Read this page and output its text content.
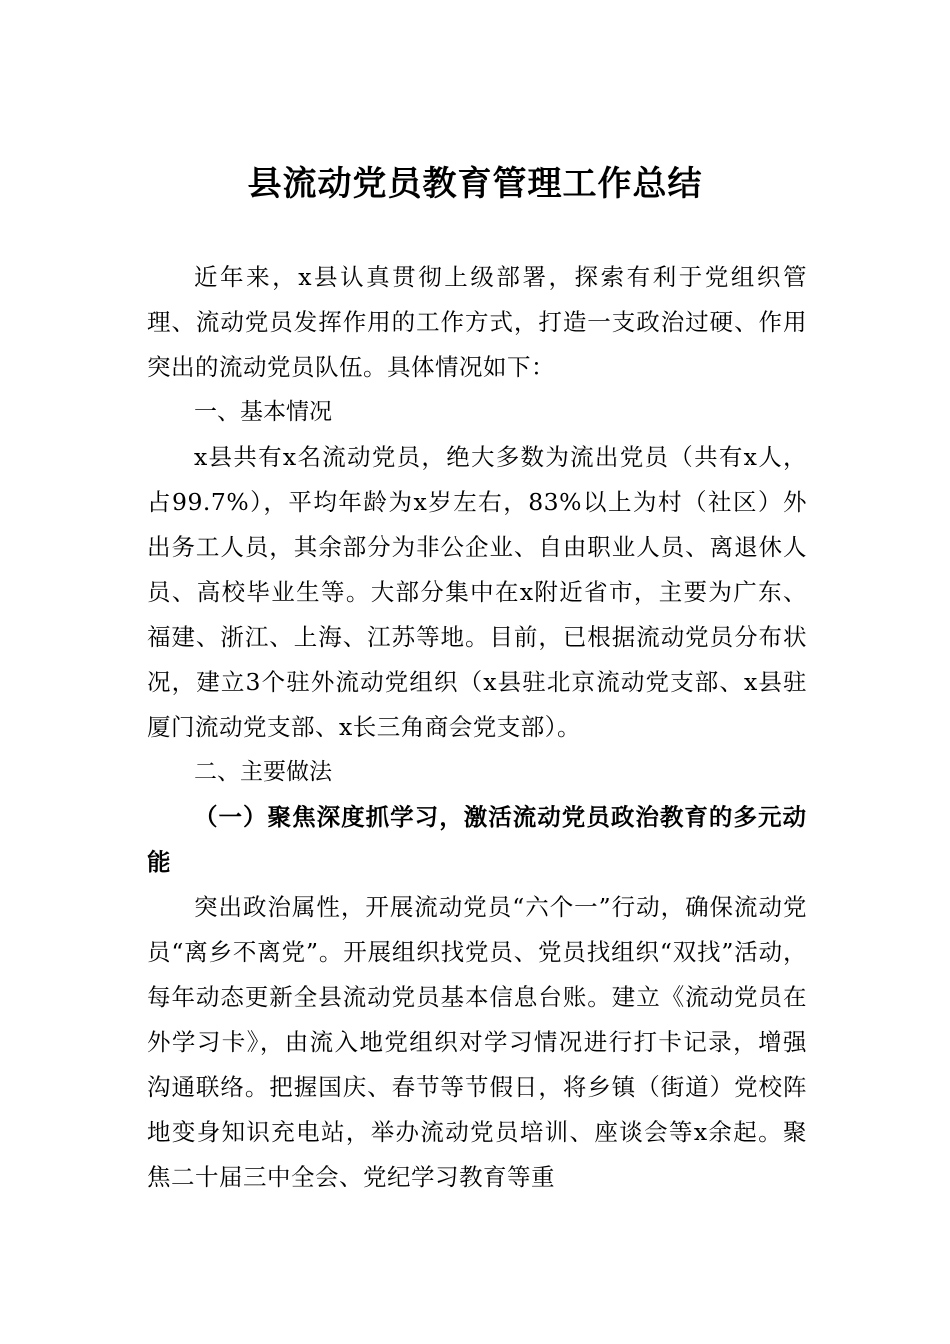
县流动党员教育管理工作总结

近年来，x县认真贯彻上级部署，探索有利于党组织管理、流动党员发挥作用的工作方式，打造一支政治过硬、作用突出的流动党员队伍。具体情况如下：

一、基本情况

x县共有x名流动党员，绝大多数为流出党员（共有x人，占99.7%），平均年龄为x岁左右，83%以上为村（社区）外出务工人员，其余部分为非公企业、自由职业人员、离退休人员、高校毕业生等。大部分集中在x附近省市，主要为广东、福建、浙江、上海、江苏等地。目前，已根据流动党员分布状况，建立3个驻外流动党组织（x县驻北京流动党支部、x县驻厦门流动党支部、x长三角商会党支部）。

二、主要做法

（一）聚焦深度抓学习，激活流动党员政治教育的多元动能

突出政治属性，开展流动党员“六个一”行动，确保流动党员“离乡不离党”。开展组织找党员、党员找组织“双找”活动，每年动态更新全县流动党员基本信息台账。建立《流动党员在外学习卡》，由流入地党组织对学习情况进行打卡记录，增强沟通联络。把握国庆、春节等节假日，将乡镇（街道）党校阵地变身知识充电站，举办流动党员培训、座谈会等x余起。聚焦二十届三中全会、党纪学习教育等重
